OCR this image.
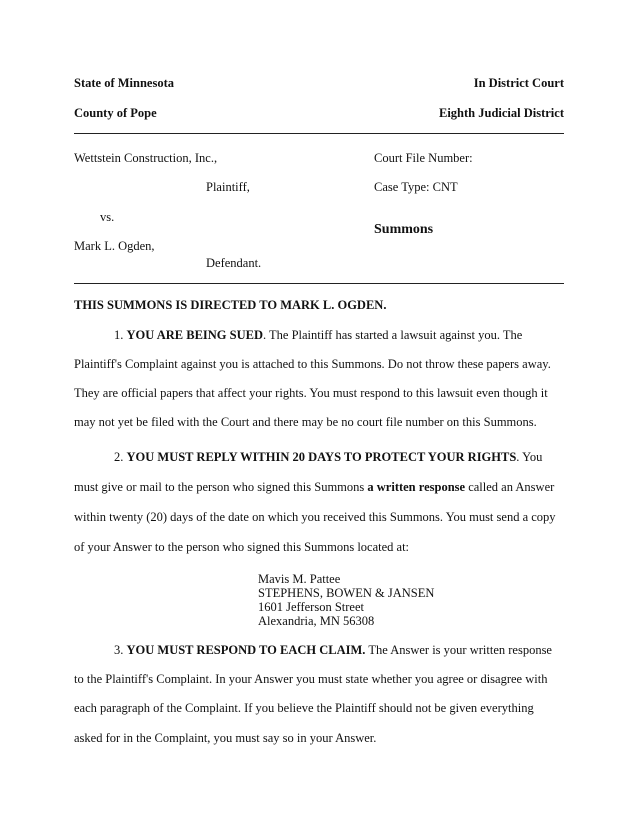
State of Minnesota	In District Court
County of Pope	Eighth Judicial District
Wettstein Construction, Inc.,
Plaintiff,
vs.
Mark L. Ogden,
Defendant.
Court File Number:
Case Type: CNT
Summons
THIS SUMMONS IS DIRECTED TO MARK L. OGDEN.
1. YOU ARE BEING SUED. The Plaintiff has started a lawsuit against you. The
Plaintiff's Complaint against you is attached to this Summons. Do not throw these papers away.
They are official papers that affect your rights. You must respond to this lawsuit even though it
may not yet be filed with the Court and there may be no court file number on this Summons.
2. YOU MUST REPLY WITHIN 20 DAYS TO PROTECT YOUR RIGHTS. You
must give or mail to the person who signed this Summons a written response called an Answer
within twenty (20) days of the date on which you received this Summons. You must send a copy
of your Answer to the person who signed this Summons located at:
Mavis M. Pattee
STEPHENS, BOWEN & JANSEN
1601 Jefferson Street
Alexandria, MN 56308
3. YOU MUST RESPOND TO EACH CLAIM. The Answer is your written response
to the Plaintiff's Complaint. In your Answer you must state whether you agree or disagree with
each paragraph of the Complaint. If you believe the Plaintiff should not be given everything
asked for in the Complaint, you must say so in your Answer.
